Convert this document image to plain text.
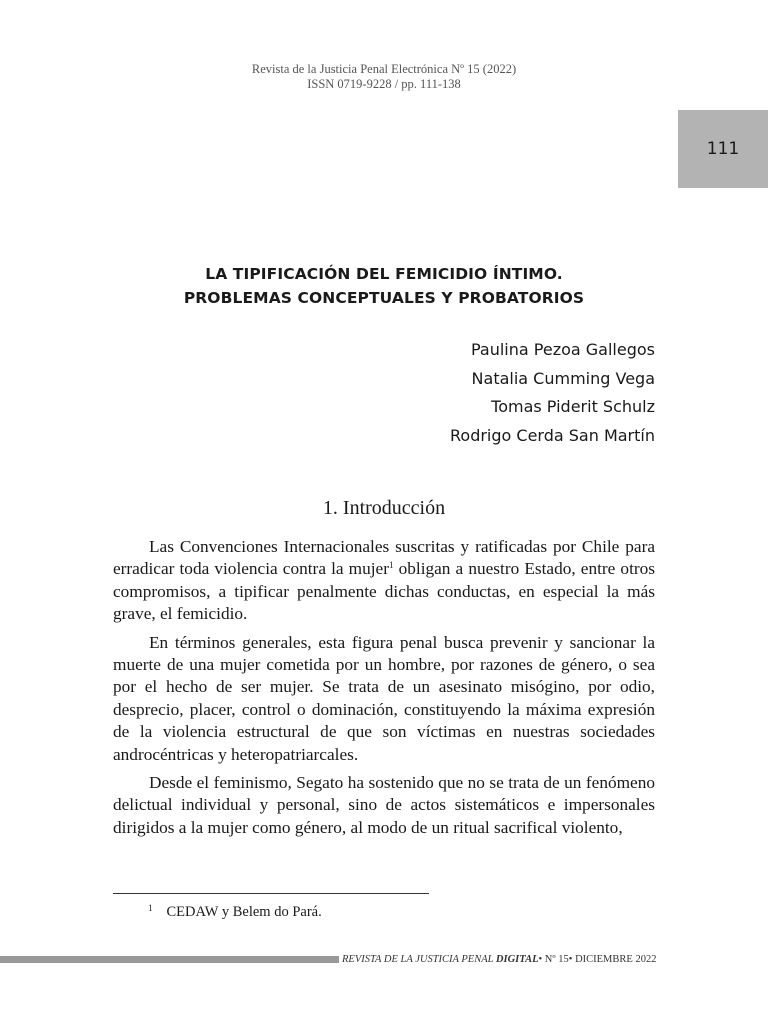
Revista de la Justicia Penal Electrónica Nº 15 (2022)
ISSN 0719-9228 / pp. 111-138
111
LA TIPIFICACIÓN DEL FEMICIDIO ÍNTIMO.
PROBLEMAS CONCEPTUALES Y PROBATORIOS
Paulina Pezoa Gallegos
Natalia Cumming Vega
Tomas Piderit Schulz
Rodrigo Cerda San Martín
1. Introducción

Las Convenciones Internacionales suscritas y ratificadas por Chile para erradicar toda violencia contra la mujer$^1$ obligan a nuestro Estado, entre otros compromisos, a tipificar penalmente dichas conductas, en especial la más grave, el femicidio.

En términos generales, esta figura penal busca prevenir y sancionar la muerte de una mujer cometida por un hombre, por razones de género, o sea por el hecho de ser mujer. Se trata de un asesinato misógino, por odio, desprecio, placer, control o dominación, constituyendo la máxima expresión de la violencia estructural de que son víctimas en nuestras sociedades androcéntricas y heteropatriarcales.

Desde el feminismo, Segato ha sostenido que no se trata de un fenómeno delictual individual y personal, sino de actos sistemáticos e impersonales dirigidos a la mujer como género, al modo de un ritual sacrifical violento,

$^1$ CEDAW y Belem do Pará.
REVISTA DE LA JUSTICIA PENAL DIGITAL• Nº 15• DICIEMBRE 2022
